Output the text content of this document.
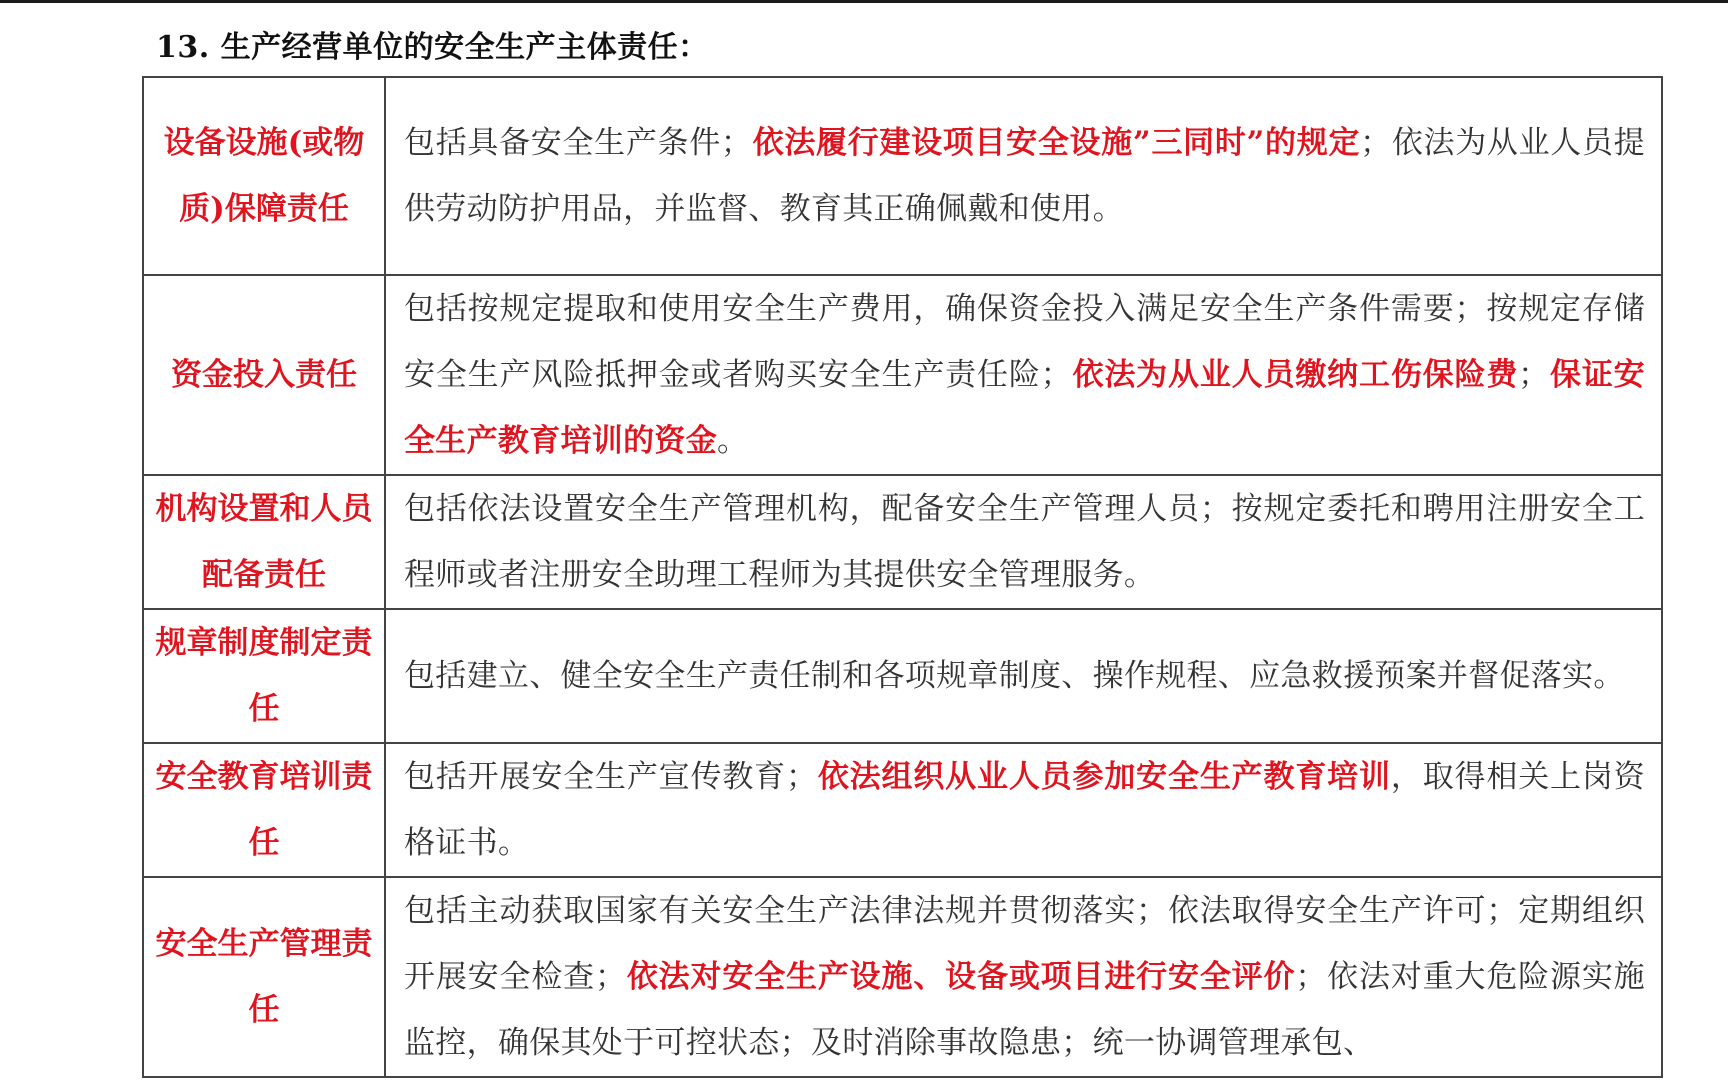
13. 生产经营单位的安全生产主体责任：
设备设施(或物质)保障责任	包括具备安全生产条件；依法履行建设项目安全设施”三同时”的规定；依法为从业人员提供劳动防护用品，并监督、教育其正确佩戴和使用。
资金投入责任	包括按规定提取和使用安全生产费用，确保资金投入满足安全生产条件需要；按规定存储安全生产风险抵押金或者购买安全生产责任险；依法为从业人员缴纳工伤保险费；保证安全生产教育培训的资金。
机构设置和人员配备责任	包括依法设置安全生产管理机构，配备安全生产管理人员；按规定委托和聘用注册安全工程师或者注册安全助理工程师为其提供安全管理服务。
规章制度制定责任	包括建立、健全安全生产责任制和各项规章制度、操作规程、应急救援预案并督促落实。
安全教育培训责任	包括开展安全生产宣传教育；依法组织从业人员参加安全生产教育培训，取得相关上岗资格证书。
安全生产管理责任	包括主动获取国家有关安全生产法律法规并贯彻落实；依法取得安全生产许可；定期组织开展安全检查；依法对安全生产设施、设备或项目进行安全评价；依法对重大危险源实施监控，确保其处于可控状态；及时消除事故隐患；统一协调管理承包、
